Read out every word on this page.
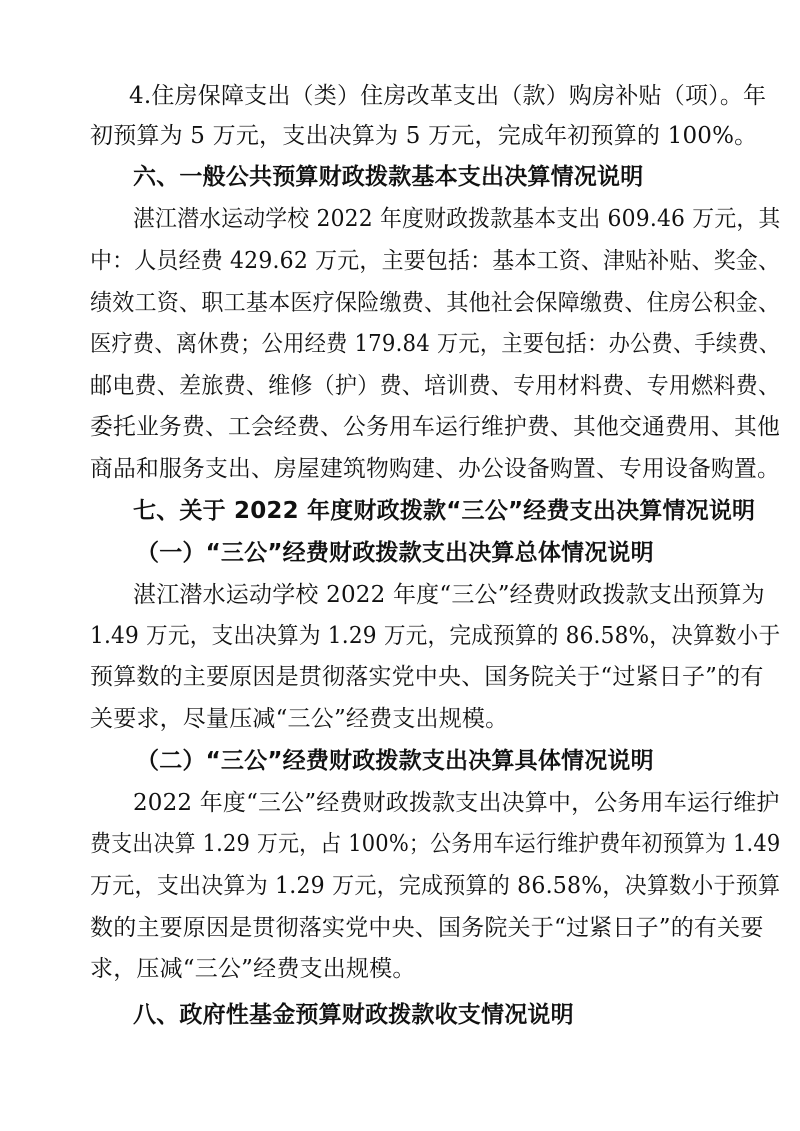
4.住房保障支出（类）住房改革支出（款）购房补贴（项）。年
初预算为 5 万元，支出决算为 5 万元，完成年初预算的 100%。
六、一般公共预算财政拨款基本支出决算情况说明
湛江潜水运动学校 2022 年度财政拨款基本支出 609.46 万元，其
中：人员经费 429.62 万元，主要包括：基本工资、津贴补贴、奖金、
绩效工资、职工基本医疗保险缴费、其他社会保障缴费、住房公积金、
医疗费、离休费；公用经费 179.84 万元，主要包括：办公费、手续费、
邮电费、差旅费、维修（护）费、培训费、专用材料费、专用燃料费、
委托业务费、工会经费、公务用车运行维护费、其他交通费用、其他
商品和服务支出、房屋建筑物购建、办公设备购置、专用设备购置。
七、关于 2022 年度财政拨款“三公”经费支出决算情况说明
（一）“三公”经费财政拨款支出决算总体情况说明
湛江潜水运动学校 2022 年度“三公”经费财政拨款支出预算为
1.49 万元，支出决算为 1.29 万元，完成预算的 86.58%，决算数小于
预算数的主要原因是贯彻落实党中央、国务院关于“过紧日子”的有
关要求，尽量压减“三公”经费支出规模。
（二）“三公”经费财政拨款支出决算具体情况说明
2022 年度“三公”经费财政拨款支出决算中，公务用车运行维护
费支出决算 1.29 万元，占 100%；公务用车运行维护费年初预算为 1.49
万元，支出决算为 1.29 万元，完成预算的 86.58%，决算数小于预算
数的主要原因是贯彻落实党中央、国务院关于“过紧日子”的有关要
求，压减“三公”经费支出规模。
八、政府性基金预算财政拨款收支情况说明
